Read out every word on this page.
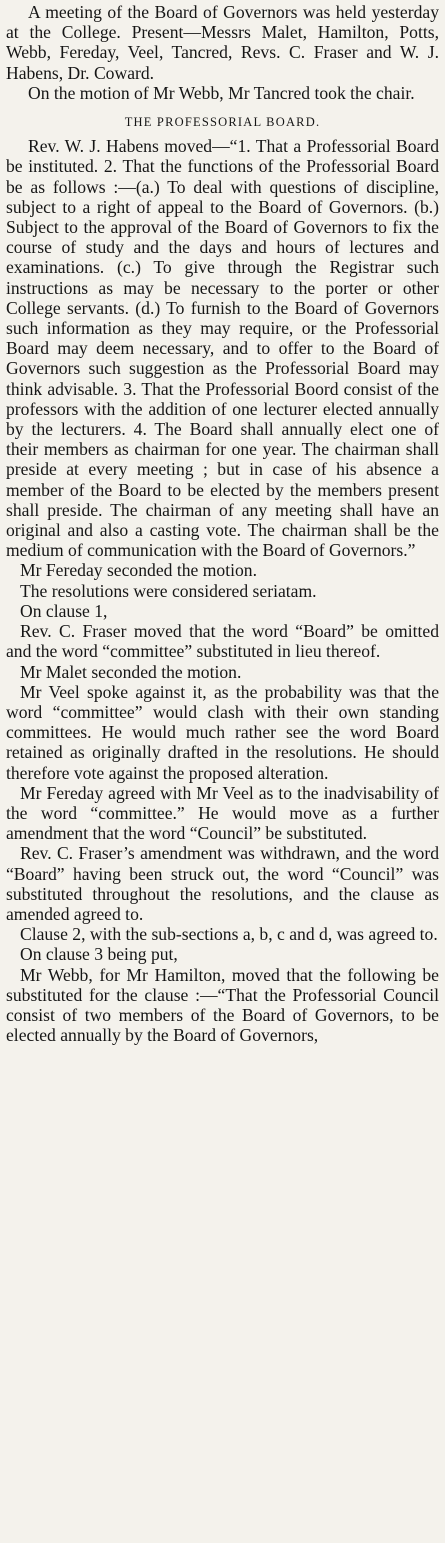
A meeting of the Board of Governors was held yesterday at the College. Present—Messrs Malet, Hamilton, Potts, Webb, Fereday, Veel, Tancred, Revs. C. Fraser and W. J. Habens, Dr. Coward.

On the motion of Mr Webb, Mr Tancred took the chair.

THE PROFESSORIAL BOARD.

Rev. W. J. Habens moved—“1. That a Professorial Board be instituted. 2. That the functions of the Professorial Board be as follows :—(a.) To deal with questions of discipline, subject to a right of appeal to the Board of Governors. (b.) Subject to the approval of the Board of Governors to fix the course of study and the days and hours of lectures and examinations. (c.) To give through the Registrar such instructions as may be necessary to the porter or other College servants. (d.) To furnish to the Board of Governors such information as they may require, or the Professorial Board may deem necessary, and to offer to the Board of Governors such suggestion as the Professorial Board may think advisable. 3. That the Professorial Boord consist of the professors with the addition of one lecturer elected annually by the lecturers. 4. The Board shall annually elect one of their members as chairman for one year. The chairman shall preside at every meeting ; but in case of his absence a member of the Board to be elected by the members present shall preside. The chairman of any meeting shall have an original and also a casting vote. The chairman shall be the medium of communication with the Board of Governors.”

Mr Fereday seconded the motion.

The resolutions were considered seriatam.

On clause 1,

Rev. C. Fraser moved that the word “Board” be omitted and the word “committee” substituted in lieu thereof.

Mr Malet seconded the motion.

Mr Veel spoke against it, as the probability was that the word “committee” would clash with their own standing committees. He would much rather see the word Board retained as originally drafted in the resolutions. He should therefore vote against the proposed alteration.

Mr Fereday agreed with Mr Veel as to the inadvisability of the word “committee.” He would move as a further amendment that the word “Council” be substituted.

Rev. C. Fraser’s amendment was withdrawn, and the word “Board” having been struck out, the word “Council” was substituted throughout the resolutions, and the clause as amended agreed to.

Clause 2, with the sub-sections a, b, c and d, was agreed to.

On clause 3 being put,

Mr Webb, for Mr Hamilton, moved that the following be substituted for the clause :—“That the Professorial Council consist of two members of the Board of Governors, to be elected annually by the Board of Governors,
